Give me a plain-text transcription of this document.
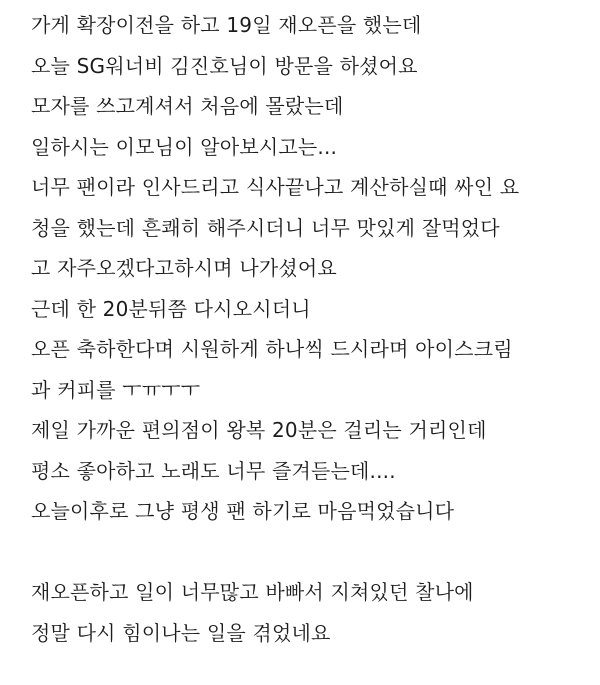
가게 확장이전을 하고 19일 재오픈을 했는데
오늘 SG워너비 김진호님이 방문을 하셨어요
모자를 쓰고계셔서 처음에 몰랐는데
일하시는 이모님이 알아보시고는...
너무 팬이라 인사드리고 식사끝나고 계산하실때 싸인 요
청을 했는데 흔쾌히 해주시더니 너무 맛있게 잘먹었다
고 자주오겠다고하시며 나가셨어요
근데 한 20분뒤쯤 다시오시더니
오픈 축하한다며 시원하게 하나씩 드시라며 아이스크림
과 커피를 ㅜㅠㅜㅜ
제일 가까운 편의점이 왕복 20분은 걸리는 거리인데
평소 좋아하고 노래도 너무 즐겨듣는데....
오늘이후로 그냥 평생 팬 하기로 마음먹었습니다
재오픈하고 일이 너무많고 바빠서 지쳐있던 찰나에
정말 다시 힘이나는 일을 겪었네요
